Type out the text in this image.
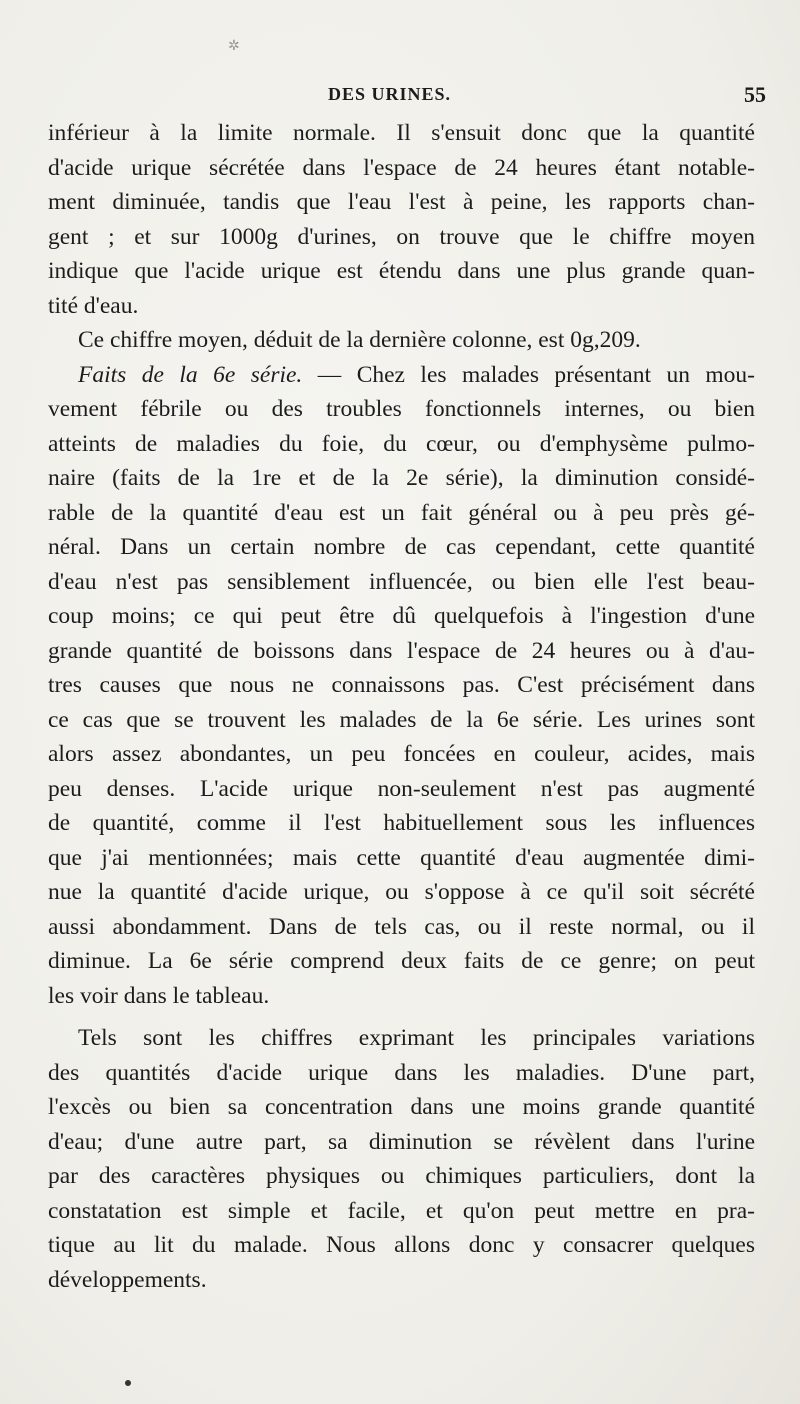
✲
DES URINES.	55
inférieur à la limite normale. Il s'ensuit donc que la quantité
d'acide urique sécrétée dans l'espace de 24 heures étant notable-
ment diminuée, tandis que l'eau l'est à peine, les rapports chan-
gent ; et sur 1000g d'urines, on trouve que le chiffre moyen
indique que l'acide urique est étendu dans une plus grande quan-
tité d'eau.
Ce chiffre moyen, déduit de la dernière colonne, est 0g,209.
Faits de la 6e série. — Chez les malades présentant un mou-
vement fébrile ou des troubles fonctionnels internes, ou bien
atteints de maladies du foie, du cœur, ou d'emphysème pulmo-
naire (faits de la 1re et de la 2e série), la diminution considé-
rable de la quantité d'eau est un fait général ou à peu près gé-
néral. Dans un certain nombre de cas cependant, cette quantité
d'eau n'est pas sensiblement influencée, ou bien elle l'est beau-
coup moins; ce qui peut être dû quelquefois à l'ingestion d'une
grande quantité de boissons dans l'espace de 24 heures ou à d'au-
tres causes que nous ne connaissons pas. C'est précisément dans
ce cas que se trouvent les malades de la 6e série. Les urines sont
alors assez abondantes, un peu foncées en couleur, acides, mais
peu denses. L'acide urique non-seulement n'est pas augmenté
de quantité, comme il l'est habituellement sous les influences
que j'ai mentionnées; mais cette quantité d'eau augmentée dimi-
nue la quantité d'acide urique, ou s'oppose à ce qu'il soit sécrété
aussi abondamment. Dans de tels cas, ou il reste normal, ou il
diminue. La 6e série comprend deux faits de ce genre; on peut
les voir dans le tableau.
Tels sont les chiffres exprimant les principales variations
des quantités d'acide urique dans les maladies. D'une part,
l'excès ou bien sa concentration dans une moins grande quantité
d'eau; d'une autre part, sa diminution se révèlent dans l'urine
par des caractères physiques ou chimiques particuliers, dont la
constatation est simple et facile, et qu'on peut mettre en pra-
tique au lit du malade. Nous allons donc y consacrer quelques
développements.
